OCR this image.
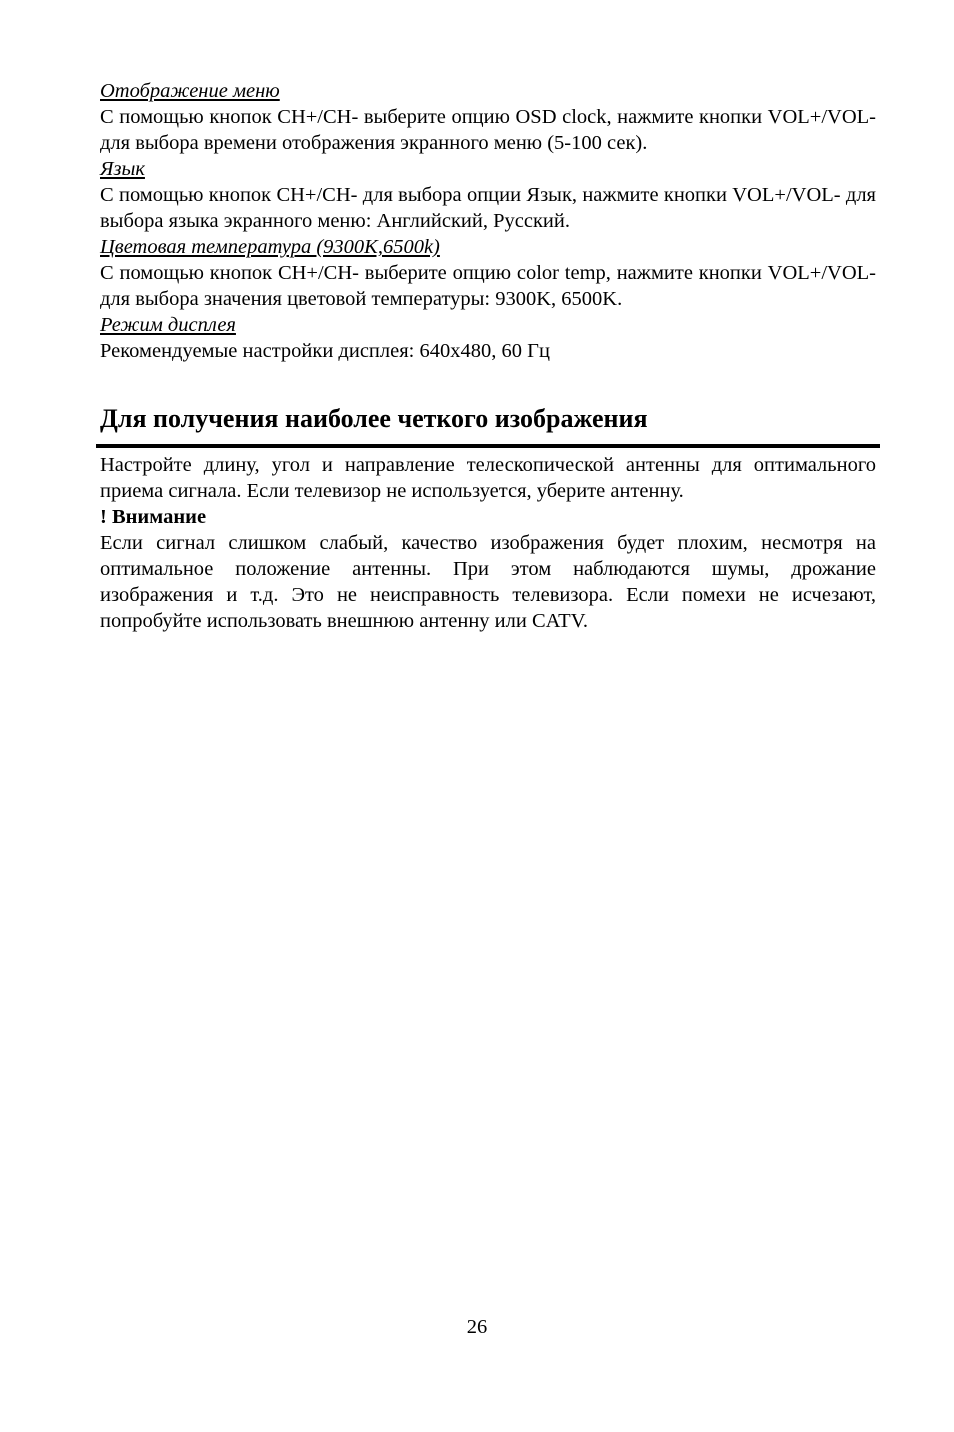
Отображение меню

С помощью кнопок CH+/CH- выберите опцию OSD clock, нажмите кнопки VOL+/VOL- для выбора времени отображения экранного меню (5-100 сек).

Язык

С помощью кнопок CH+/CH- для выбора опции Язык, нажмите кнопки VOL+/VOL- для выбора языка экранного меню: Английский, Русский.

Цветовая температура (9300K,6500k)

С помощью кнопок CH+/CH- выберите опцию color temp, нажмите кнопки VOL+/VOL- для выбора значения цветовой температуры: 9300K, 6500K.

Режим дисплея

Рекомендуемые настройки дисплея: 640x480, 60 Гц

Для получения наиболее четкого изображения

Настройте длину, угол и направление телескопической антенны для оптимального приема сигнала. Если телевизор не используется, уберите антенну.

! Внимание

Если сигнал слишком слабый, качество изображения будет плохим, несмотря на оптимальное положение антенны. При этом наблюдаются шумы, дрожание изображения и т.д. Это не неисправность телевизора. Если помехи не исчезают, попробуйте использовать внешнюю антенну или CATV.

26
